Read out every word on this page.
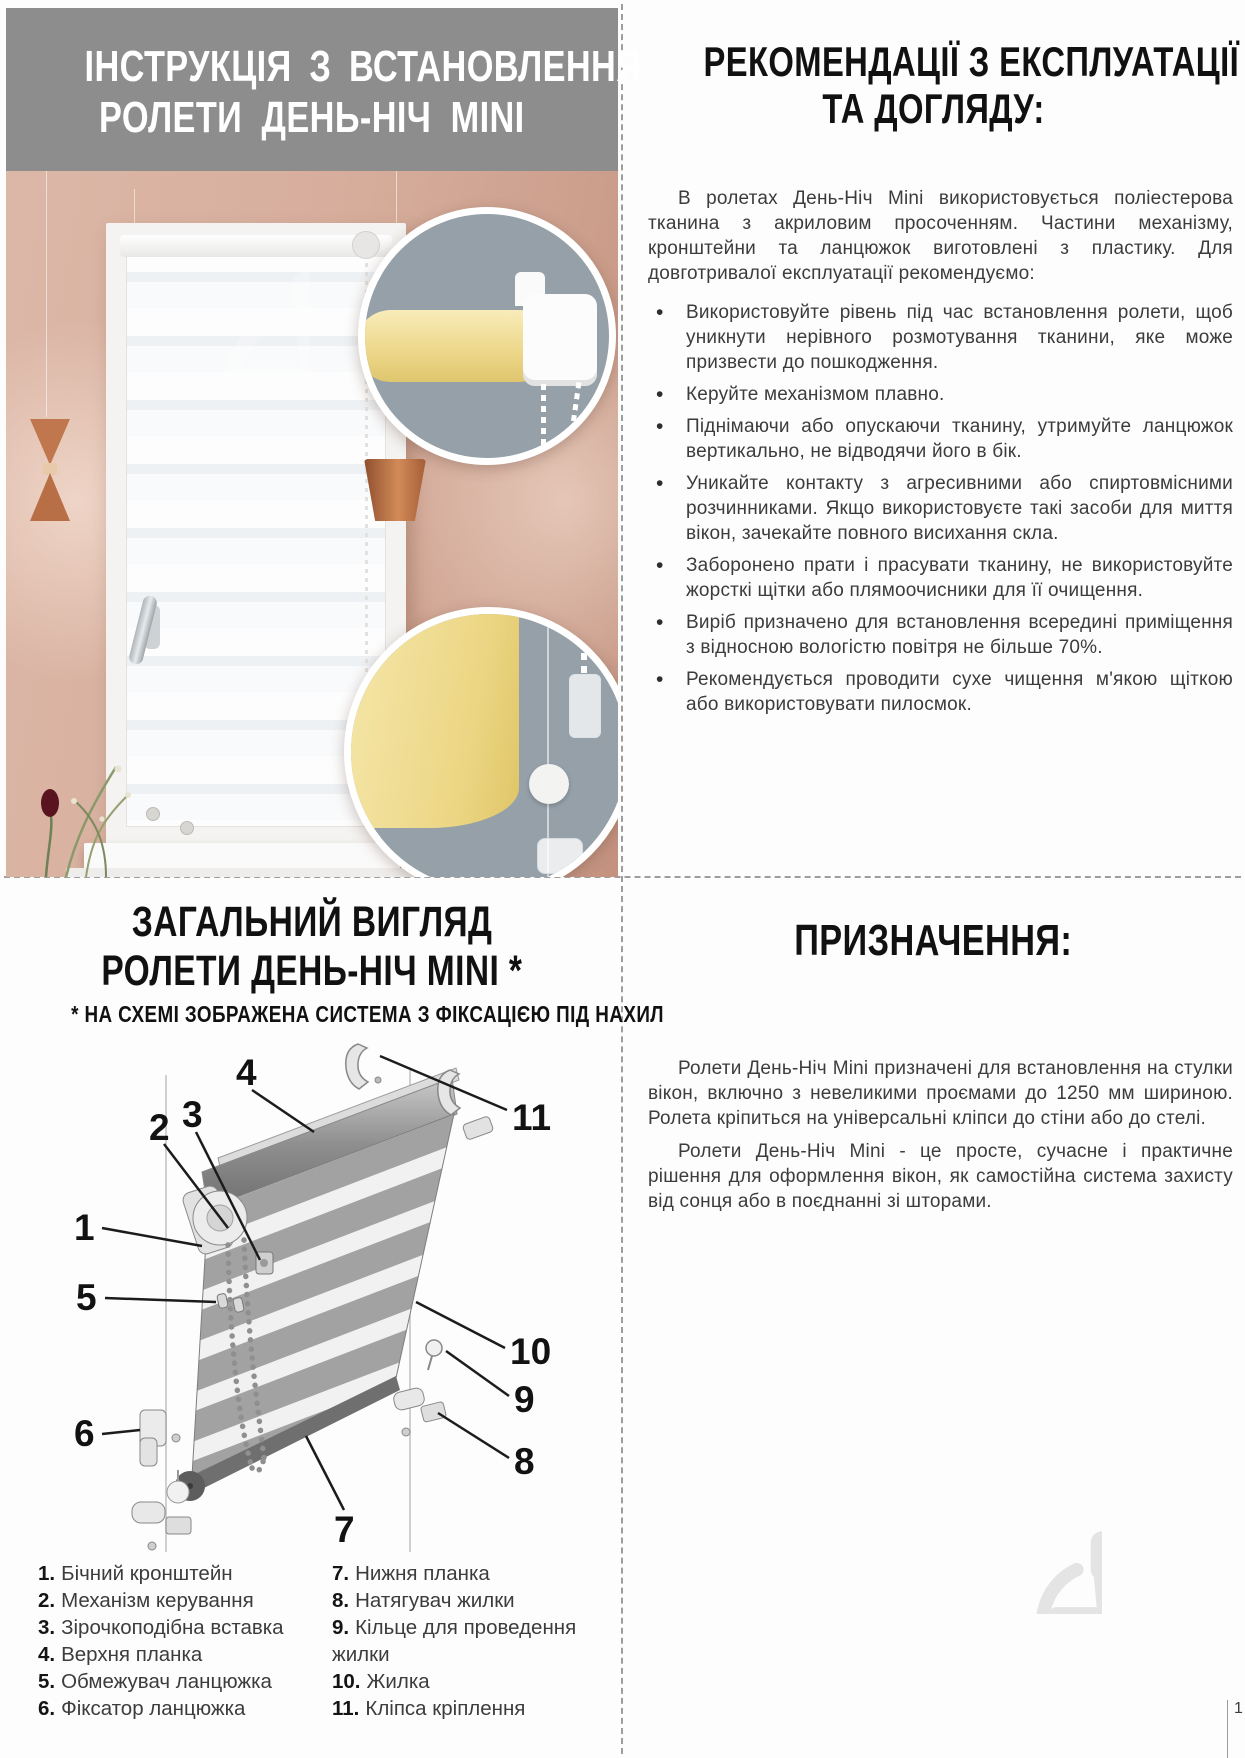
ІНСТРУКЦІЯ З ВСТАНОВЛЕННЯ
РОЛЕТИ ДЕНЬ-НІЧ MINI
РЕКОМЕНДАЦІЇ З ЕКСПЛУАТАЦІЇ
ТА ДОГЛЯДУ:
В ролетах День-Ніч Mini використовується поліестерова тканина з акриловим просоченням. Частини механізму, кронштейни та ланцюжок виготовлені з пластику. Для довготривалої експлуатації рекомендуємо:
• Використовуйте рівень під час встановлення ролети, щоб уникнути нерівного розмотування тканини, яке може призвести до пошкодження.
• Керуйте механізмом плавно.
• Піднімаючи або опускаючи тканину, утримуйте ланцюжок вертикально, не відводячи його в бік.
• Уникайте контакту з агресивними або спиртовмісними розчинниками. Якщо використовуєте такі засоби для миття вікон, зачекайте повного висихання скла.
• Заборонено прати і прасувати тканину, не використовуйте жорсткі щітки або плямоочисники для її очищення.
• Виріб призначено для встановлення всередині приміщення з відносною вологістю повітря не більше 70%.
• Рекомендується проводити сухе чищення м'якою щіткою або використовувати пилосмок.
ЗАГАЛЬНИЙ ВИГЛЯД
РОЛЕТИ ДЕНЬ-НІЧ MINI *
* НА СХЕМІ ЗОБРАЖЕНА СИСТЕМА З ФІКСАЦІЄЮ ПІД НАХИЛ
1
2 3
4
5
6
7
8
9
10
11
1. Бічний кронштейн
2. Механізм керування
3. Зірочкоподібна вставка
4. Верхня планка
5. Обмежувач ланцюжка
6. Фіксатор ланцюжка
7. Нижня планка
8. Натягувач жилки
9. Кільце для проведення жилки
10. Жилка
11. Кліпса кріплення
ПРИЗНАЧЕННЯ:

Ролети День-Ніч Mini призначені для встановлення на стулки вікон, включно з невеликими проємами до 1250 мм шириною. Ролета кріпиться на універсальні кліпси до стіни або до стелі.

Ролети День-Ніч Mini - це просте, сучасне і практичне рішення для оформлення вікон, як самостійна система захисту від сонця або в поєднанні зі шторами.

1
